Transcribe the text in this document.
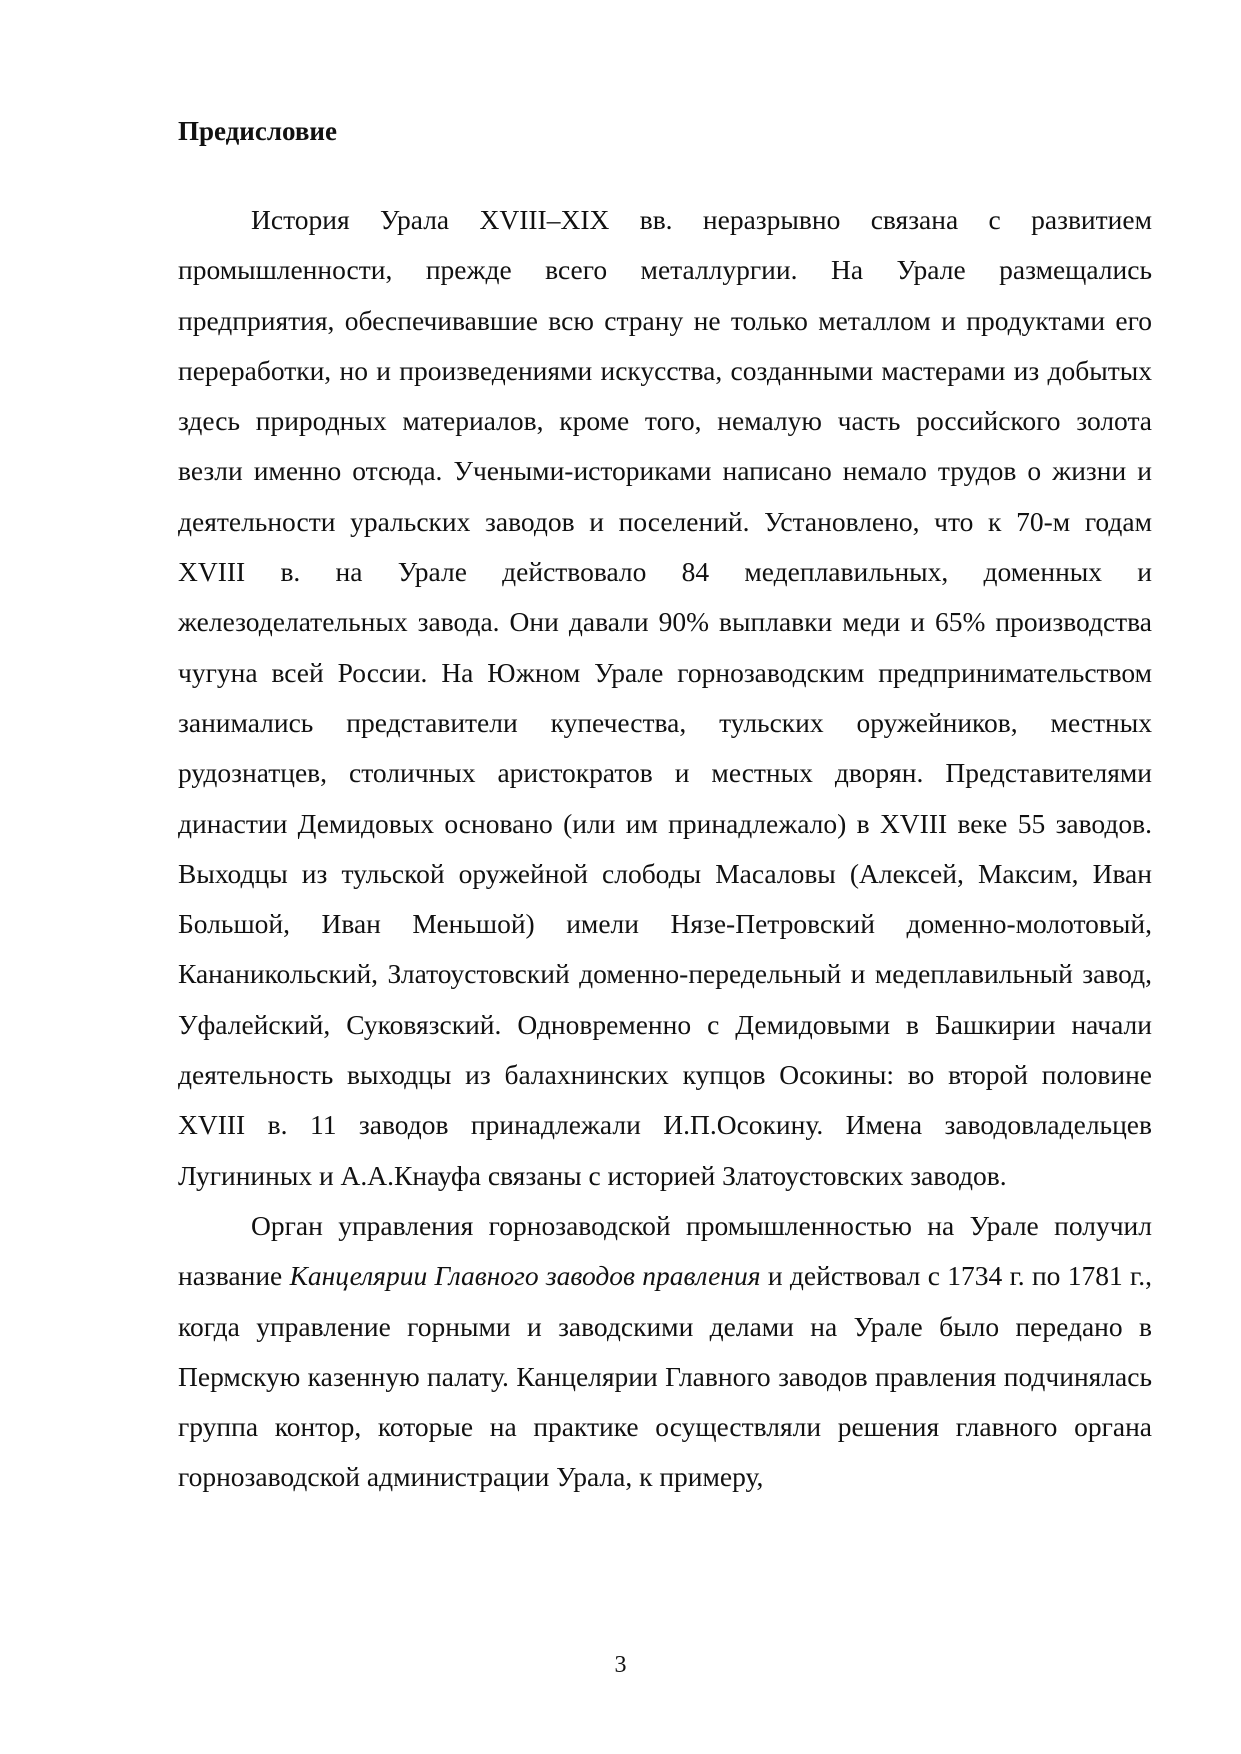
Предисловие

История Урала XVIII–XIX вв. неразрывно связана с развитием промышленности, прежде всего металлургии. На Урале размещались предприятия, обеспечивавшие всю страну не только металлом и продуктами его переработки, но и произведениями искусства, созданными мастерами из добытых здесь природных материалов, кроме того, немалую часть российского золота везли именно отсюда. Учеными-историками написано немало трудов о жизни и деятельности уральских заводов и поселений. Установлено, что к 70-м годам XVIII в. на Урале действовало 84 медеплавильных, доменных и железоделательных завода. Они давали 90% выплавки меди и 65% производства чугуна всей России. На Южном Урале горнозаводским предпринимательством занимались представители купечества, тульских оружейников, местных рудознатцев, столичных аристократов и местных дворян. Представителями династии Демидовых основано (или им принадлежало) в XVIII веке 55 заводов. Выходцы из тульской оружейной слободы Масаловы (Алексей, Максим, Иван Большой, Иван Меньшой) имели Нязе-Петровский доменно-молотовый, Кананикольский, Златоустовский доменно-передельный и медеплавильный завод, Уфалейский, Суковязский. Одновременно с Демидовыми в Башкирии начали деятельность выходцы из балахнинских купцов Осокины: во второй половине XVIII в. 11 заводов принадлежали И.П.Осокину. Имена заводовладельцев Лугининых и А.А.Кнауфа связаны с историей Златоустовских заводов.

Орган управления горнозаводской промышленностью на Урале получил название Канцелярии Главного заводов правления и действовал с 1734 г. по 1781 г., когда управление горными и заводскими делами на Урале было передано в Пермскую казенную палату. Канцелярии Главного заводов правления подчинялась группа контор, которые на практике осуществляли решения главного органа горнозаводской администрации Урала, к примеру,

3
